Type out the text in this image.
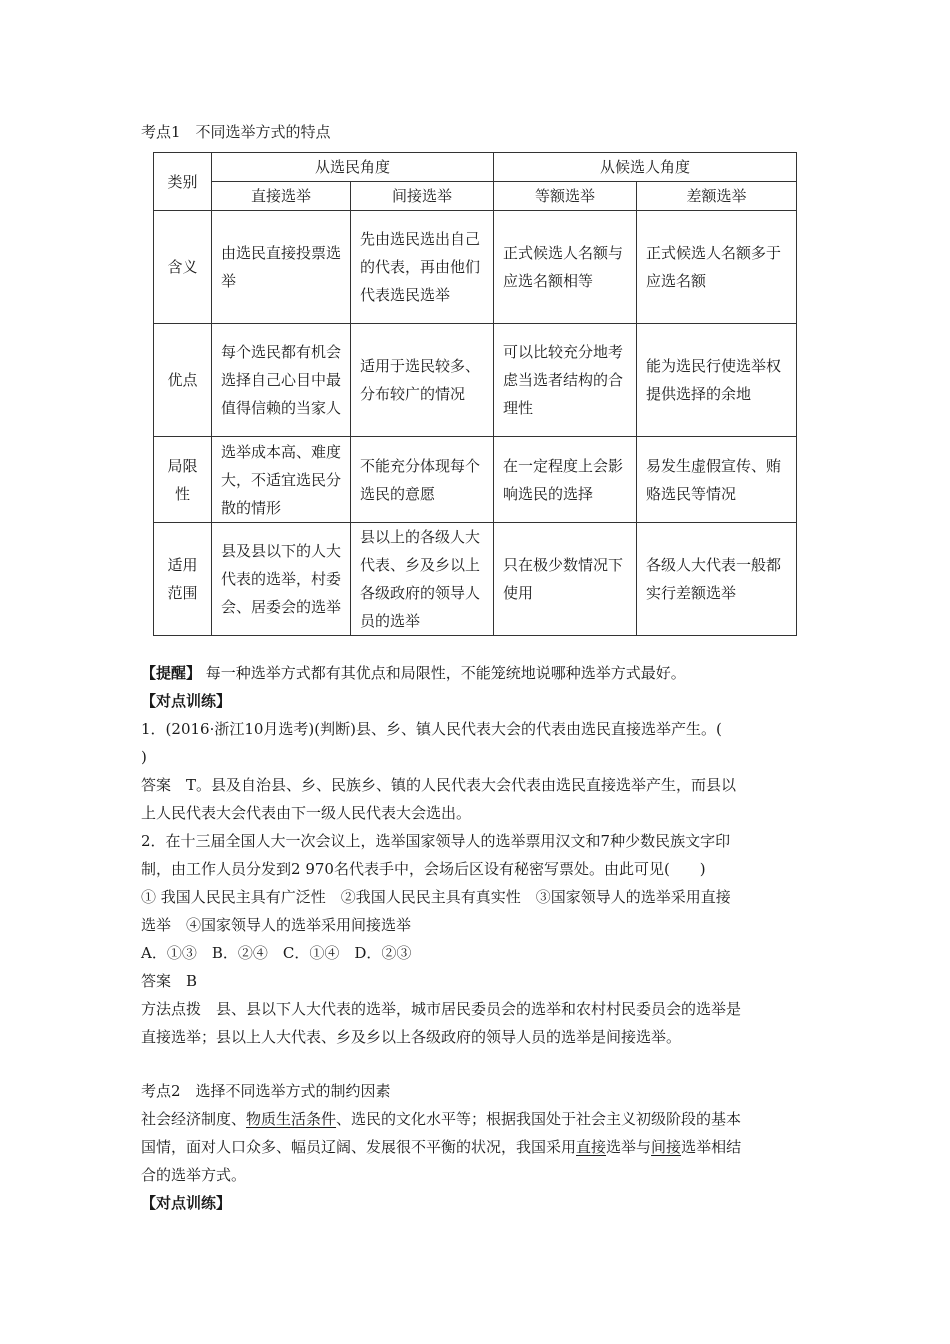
考点1　不同选举方式的特点
类别	从选民角度		从候选人角度	
	直接选举	间接选举	等额选举	差额选举
含义	由选民直接投票选举	先由选民选出自己的代表，再由他们代表选民选举	正式候选人名额与应选名额相等	正式候选人名额多于应选名额
优点	每个选民都有机会选择自己心目中最值得信赖的当家人	适用于选民较多、分布较广的情况	可以比较充分地考虑当选者结构的合理性	能为选民行使选举权提供选择的余地
局限性	选举成本高、难度大，不适宜选民分散的情形	不能充分体现每个选民的意愿	在一定程度上会影响选民的选择	易发生虚假宣传、贿赂选民等情况
适用范围	县及县以下的人大代表的选举，村委会、居委会的选举	县以上的各级人大代表、乡及乡以上各级政府的领导人员的选举	只在极少数情况下使用	各级人大代表一般都实行差额选举
【提醒】 每一种选举方式都有其优点和局限性，不能笼统地说哪种选举方式最好。
【对点训练】
1．(2016·浙江10月选考)(判断)县、乡、镇人民代表大会的代表由选民直接选举产生。(
)
答案　T。县及自治县、乡、民族乡、镇的人民代表大会代表由选民直接选举产生，而县以
上人民代表大会代表由下一级人民代表大会选出。
2．在十三届全国人大一次会议上，选举国家领导人的选举票用汉文和7种少数民族文字印
制，由工作人员分发到2 970名代表手中，会场后区设有秘密写票处。由此可见(　　)
① 我国人民民主具有广泛性　②我国人民民主具有真实性　③国家领导人的选举采用直接
选举　④国家领导人的选举采用间接选举
A．①③　B．②④　C．①④　D．②③
答案　B
方法点拨　县、县以下人大代表的选举，城市居民委员会的选举和农村村民委员会的选举是
直接选举；县以上人大代表、乡及乡以上各级政府的领导人员的选举是间接选举。
考点2　选择不同选举方式的制约因素
社会经济制度、物质生活条件、选民的文化水平等；根据我国处于社会主义初级阶段的基本
国情，面对人口众多、幅员辽阔、发展很不平衡的状况，我国采用直接选举与间接选举相结
合的选举方式。
【对点训练】
